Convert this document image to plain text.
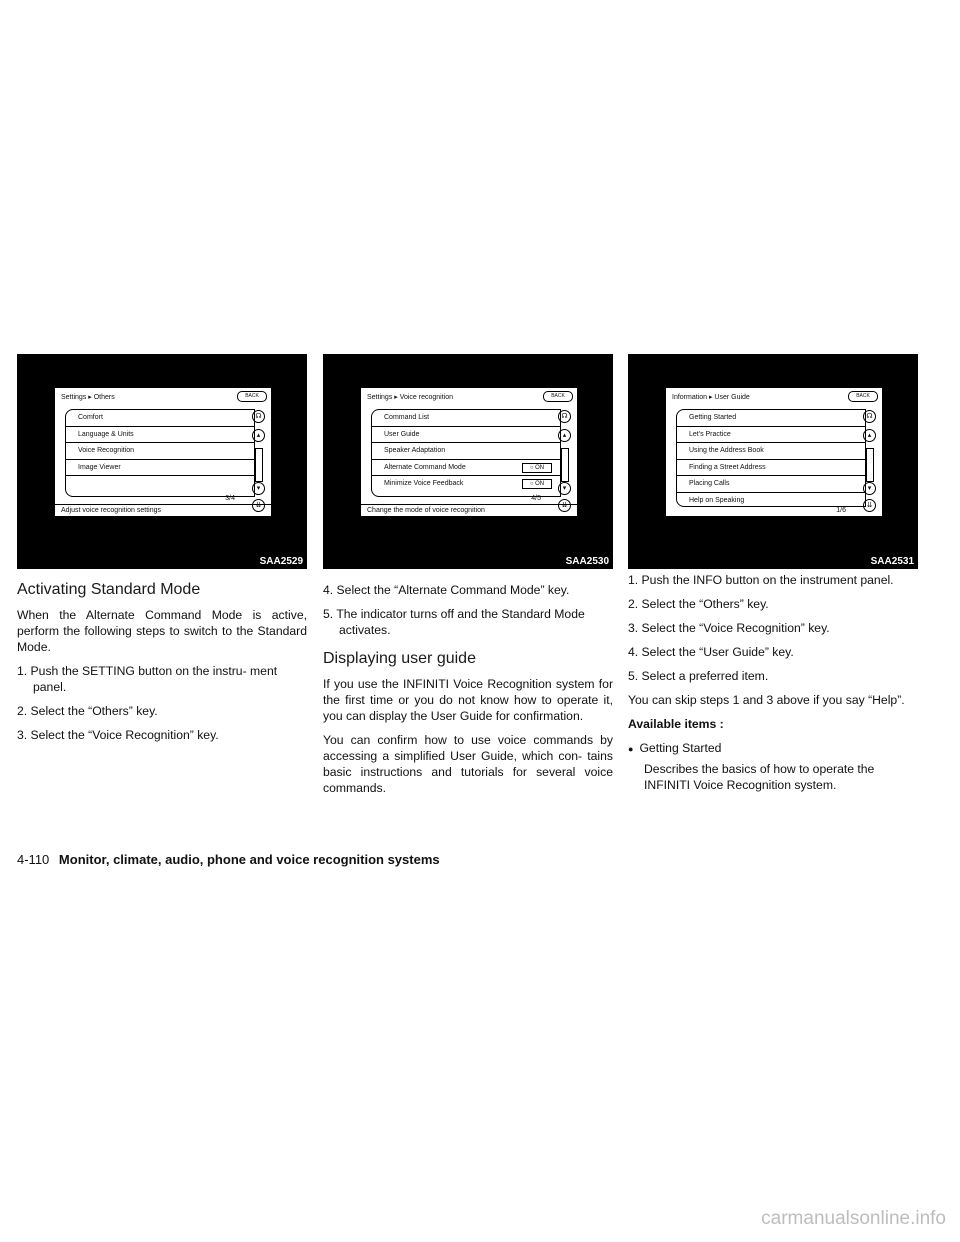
Settings ▸ Others	BACK
Comfort
Language & Units
Voice Recognition
Image Viewer
☊
▴
▾
⇊
3/4
Adjust voice recognition settings
SAA2529
Activating Standard Mode

When the Alternate Command Mode is active, perform the following steps to switch to the Standard Mode.

1. Push the SETTING button on the instru- ment panel.

2. Select the “Others” key.

3. Select the “Voice Recognition” key.

Settings ▸ Voice recognition	BACK
Command List
User Guide
Speaker Adaptation
Alternate Command Mode	○ ON
Minimize Voice Feedback	○ ON
☊
▴
▾
⇊
4/5
Change the mode of voice recognition
SAA2530

4. Select the “Alternate Command Mode” key.

5. The indicator turns off and the Standard Mode activates.

Displaying user guide

If you use the INFINITI Voice Recognition system for the first time or you do not know how to operate it, you can display the User Guide for confirmation.

You can confirm how to use voice commands by accessing a simplified User Guide, which con- tains basic instructions and tutorials for several voice commands.

Information ▸ User Guide	BACK
Getting Started
Let's Practice
Using the Address Book
Finding a Street Address
Placing Calls
Help on Speaking
☊
▴
▾
⇊
1/6
SAA2531

1. Push the INFO button on the instrument panel.

2. Select the “Others” key.

3. Select the “Voice Recognition” key.

4. Select the “User Guide” key.

5. Select a preferred item.

You can skip steps 1 and 3 above if you say “Help”.

Available items :

● Getting Started

Describes the basics of how to operate the INFINITI Voice Recognition system.

4-110 Monitor, climate, audio, phone and voice recognition systems
carmanualsonline.info
